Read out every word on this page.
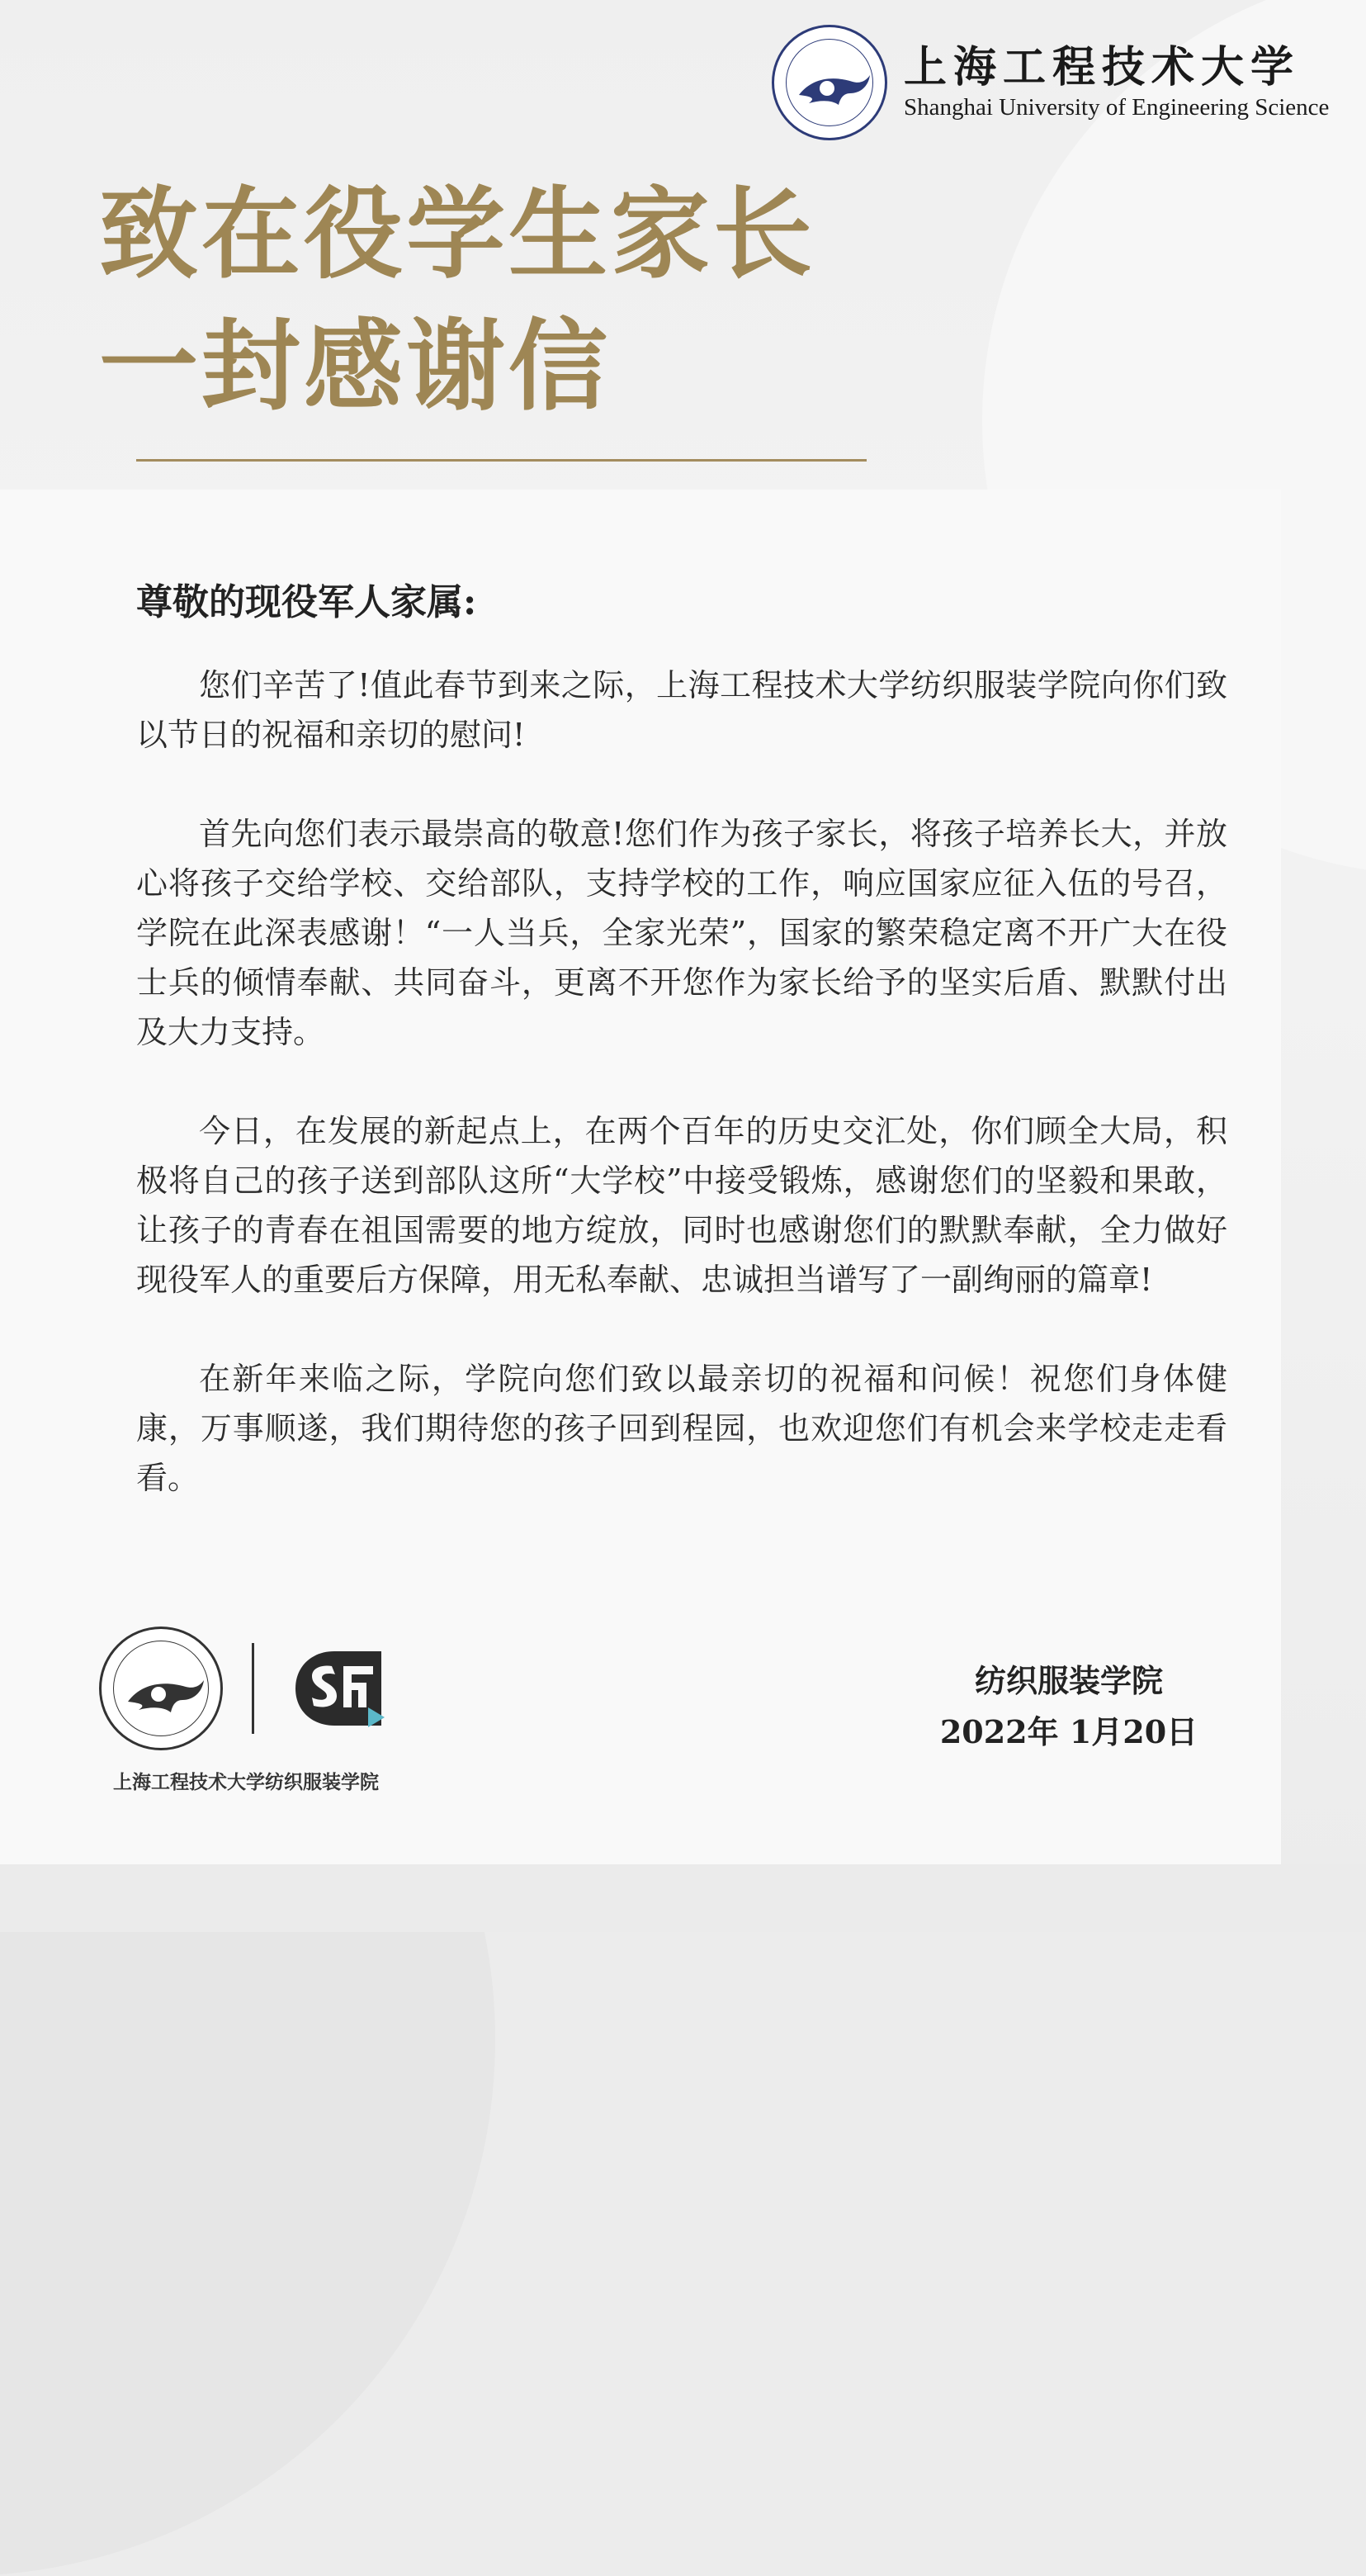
上海工程技术大学
Shanghai University of Engineering Science
致在役学生家长
一封感谢信
尊敬的现役军人家属:

您们辛苦了!值此春节到来之际，上海工程技术大学纺织服装学院向你们致以节日的祝福和亲切的慰问!

首先向您们表示最崇高的敬意!您们作为孩子家长，将孩子培养长大，并放心将孩子交给学校、交给部队，支持学校的工作，响应国家应征入伍的号召，学院在此深表感谢！“一人当兵，全家光荣”，国家的繁荣稳定离不开广大在役士兵的倾情奉献、共同奋斗，更离不开您作为家长给予的坚实后盾、默默付出及大力支持。

今日，在发展的新起点上，在两个百年的历史交汇处，你们顾全大局，积极将自己的孩子送到部队这所“大学校”中接受锻炼，感谢您们的坚毅和果敢，让孩子的青春在祖国需要的地方绽放，同时也感谢您们的默默奉献，全力做好现役军人的重要后方保障，用无私奉献、忠诚担当谱写了一副绚丽的篇章!

在新年来临之际，学院向您们致以最亲切的祝福和问候！祝您们身体健康，万事顺遂，我们期待您的孩子回到程园，也欢迎您们有机会来学校走走看看。

上海工程技术大学纺织服装学院
纺织服装学院
2022年 1月20日
